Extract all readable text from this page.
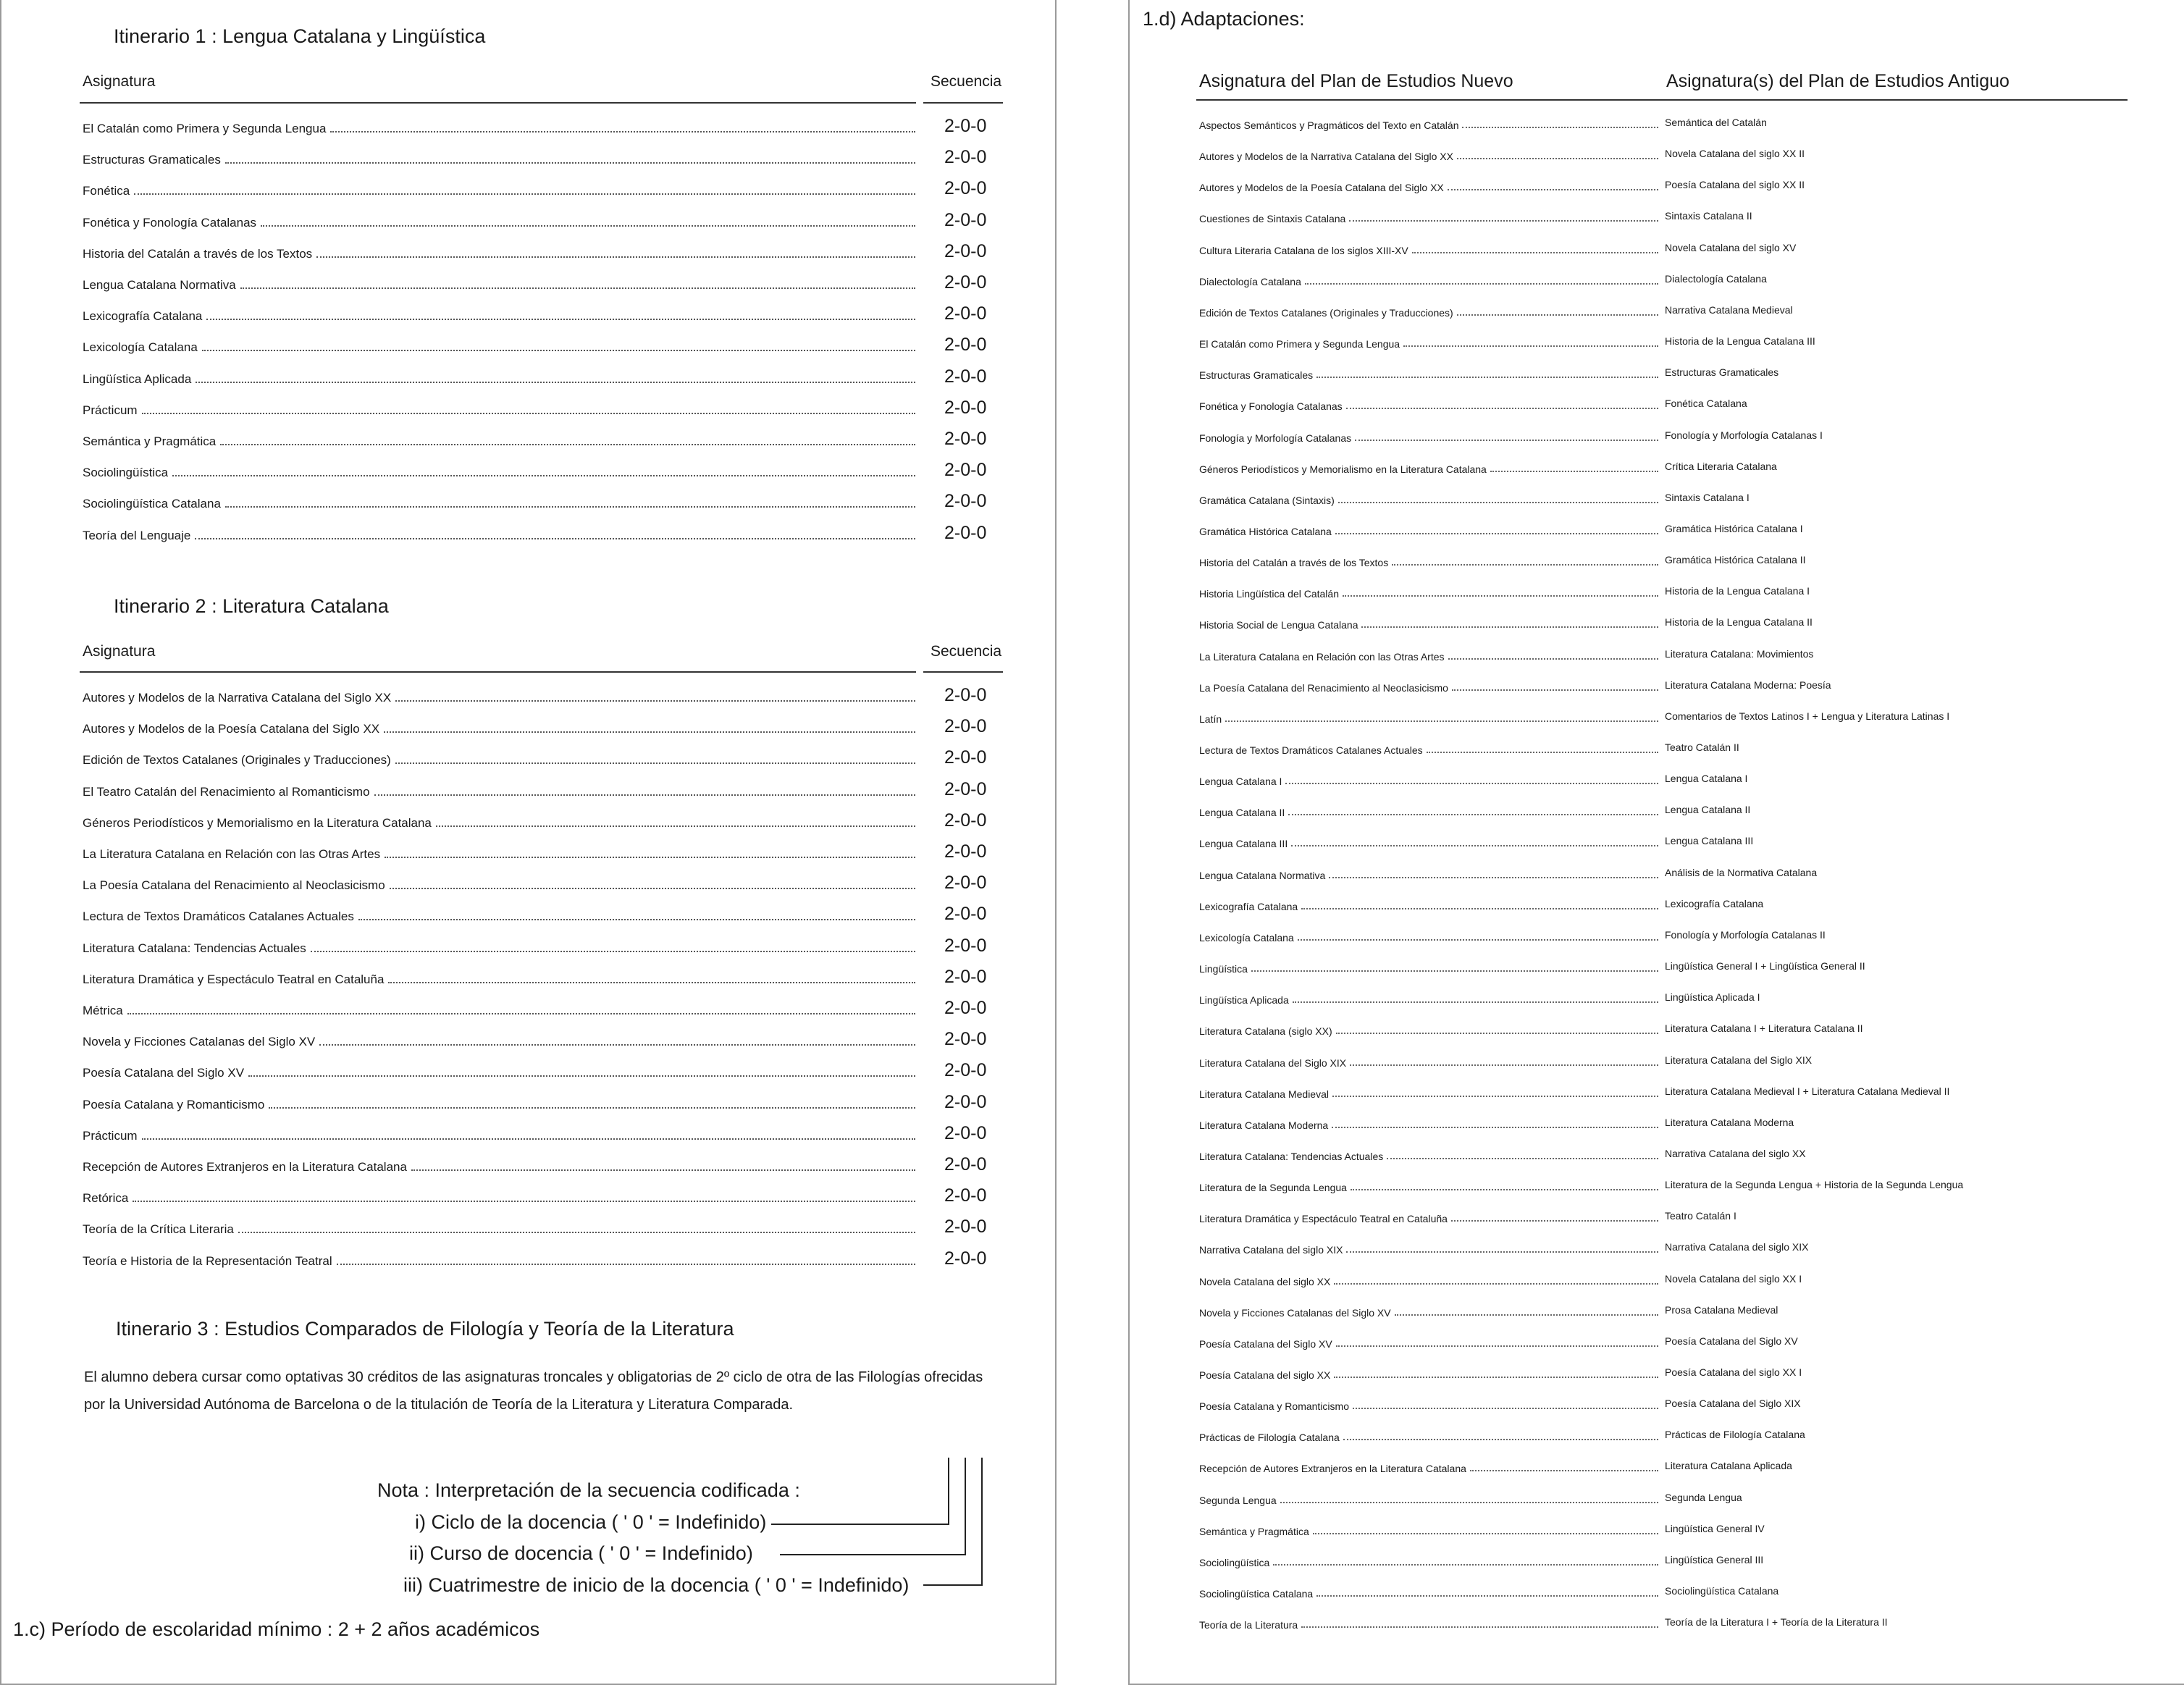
Itinerario 1 : Lengua Catalana y Lingüística
Asignatura	Secuencia
El Catalán como Primera y Segunda Lengua	2-0-0
Estructuras Gramaticales	2-0-0
Fonética	2-0-0
Fonética y Fonología Catalanas	2-0-0
Historia del Catalán a través de los Textos	2-0-0
Lengua Catalana Normativa	2-0-0
Lexicografía Catalana	2-0-0
Lexicología Catalana	2-0-0
Lingüística Aplicada	2-0-0
Prácticum	2-0-0
Semántica y Pragmática	2-0-0
Sociolingüística	2-0-0
Sociolingüística Catalana	2-0-0
Teoría del Lenguaje	2-0-0
Itinerario 2 : Literatura Catalana
Asignatura	Secuencia
Autores y Modelos de la Narrativa Catalana del Siglo XX	2-0-0
Autores y Modelos de la Poesía Catalana del Siglo XX	2-0-0
Edición de Textos Catalanes (Originales y Traducciones)	2-0-0
El Teatro Catalán del Renacimiento al Romanticismo	2-0-0
Géneros Periodísticos y Memorialismo en la Literatura Catalana	2-0-0
La Literatura Catalana en Relación con las Otras Artes	2-0-0
La Poesía Catalana del Renacimiento al Neoclasicismo	2-0-0
Lectura de Textos Dramáticos Catalanes Actuales	2-0-0
Literatura Catalana: Tendencias Actuales	2-0-0
Literatura Dramática y Espectáculo Teatral en Cataluña	2-0-0
Métrica	2-0-0
Novela y Ficciones Catalanas del Siglo XV	2-0-0
Poesía Catalana del Siglo XV	2-0-0
Poesía Catalana y Romanticismo	2-0-0
Prácticum	2-0-0
Recepción de Autores Extranjeros en la Literatura Catalana	2-0-0
Retórica	2-0-0
Teoría de la Crítica Literaria	2-0-0
Teoría e Historia de la Representación Teatral	2-0-0
Itinerario 3 : Estudios Comparados de Filología y Teoría de la Literatura
El alumno debera cursar como optativas 30 créditos de las asignaturas troncales y obligatorias de 2º ciclo de otra de las Filologías ofrecidas
por la Universidad Autónoma de Barcelona o de la titulación de Teoría de la Literatura y Literatura Comparada.
Nota : Interpretación de la secuencia codificada :
i) Ciclo de la docencia ( ' 0 ' = Indefinido)
ii) Curso de docencia ( ' 0 ' = Indefinido)
iii) Cuatrimestre de inicio de la docencia ( ' 0 ' = Indefinido)
1.c) Período de escolaridad mínimo : 2 + 2 años académicos
1.d) Adaptaciones:
Asignatura del Plan de Estudios Nuevo	Asignatura(s) del Plan de Estudios Antiguo
Aspectos Semánticos y Pragmáticos del Texto en Catalán	Semántica del Catalán
Autores y Modelos de la Narrativa Catalana del Siglo XX	Novela Catalana del siglo XX II
Autores y Modelos de la Poesía Catalana del Siglo XX	Poesía Catalana del siglo XX II
Cuestiones de Sintaxis Catalana	Sintaxis Catalana II
Cultura Literaria Catalana de los siglos XIII-XV	Novela Catalana del siglo XV
Dialectología Catalana	Dialectología Catalana
Edición de Textos Catalanes (Originales y Traducciones)	Narrativa Catalana Medieval
El Catalán como Primera y Segunda Lengua	Historia de la Lengua Catalana III
Estructuras Gramaticales	Estructuras Gramaticales
Fonética y Fonología Catalanas	Fonética Catalana
Fonología y Morfología Catalanas	Fonología y Morfología Catalanas I
Géneros Periodísticos y Memorialismo en la Literatura Catalana	Crítica Literaria Catalana
Gramática Catalana (Sintaxis)	Sintaxis Catalana I
Gramática Histórica Catalana	Gramática Histórica Catalana I
Historia del Catalán a través de los Textos	Gramática Histórica Catalana II
Historia Lingüística del Catalán	Historia de la Lengua Catalana I
Historia Social de Lengua Catalana	Historia de la Lengua Catalana II
La Literatura Catalana en Relación con las Otras Artes	Literatura Catalana: Movimientos
La Poesía Catalana del Renacimiento al Neoclasicismo	Literatura Catalana Moderna: Poesía
Latín	Comentarios de Textos Latinos I + Lengua y Literatura Latinas I
Lectura de Textos Dramáticos Catalanes Actuales	Teatro Catalán II
Lengua Catalana I	Lengua Catalana I
Lengua Catalana II	Lengua Catalana II
Lengua Catalana III	Lengua Catalana III
Lengua Catalana Normativa	Análisis de la Normativa Catalana
Lexicografía Catalana	Lexicografía Catalana
Lexicología Catalana	Fonología y Morfología Catalanas II
Lingüística	Lingüística General I + Lingüística General II
Lingüística Aplicada	Lingüística Aplicada I
Literatura Catalana (siglo XX)	Literatura Catalana I + Literatura Catalana II
Literatura Catalana del Siglo XIX	Literatura Catalana del Siglo XIX
Literatura Catalana Medieval	Literatura Catalana Medieval I + Literatura Catalana Medieval II
Literatura Catalana Moderna	Literatura Catalana Moderna
Literatura Catalana: Tendencias Actuales	Narrativa Catalana del siglo XX
Literatura de la Segunda Lengua	Literatura de la Segunda Lengua + Historia de la Segunda Lengua
Literatura Dramática y Espectáculo Teatral en Cataluña	Teatro Catalán I
Narrativa Catalana del siglo XIX	Narrativa Catalana del siglo XIX
Novela Catalana del siglo XX	Novela Catalana del siglo XX I
Novela y Ficciones Catalanas del Siglo XV	Prosa Catalana Medieval
Poesía Catalana del Siglo XV	Poesía Catalana del Siglo XV
Poesía Catalana del siglo XX	Poesía Catalana del siglo XX I
Poesía Catalana y Romanticismo	Poesía Catalana del Siglo XIX
Prácticas de Filología Catalana	Prácticas de Filología Catalana
Recepción de Autores Extranjeros en la Literatura Catalana	Literatura Catalana Aplicada
Segunda Lengua	Segunda Lengua
Semántica y Pragmática	Lingüística General IV
Sociolingüística	Lingüística General III
Sociolingüística Catalana	Sociolingüística Catalana
Teoría de la Literatura	Teoría de la Literatura I + Teoría de la Literatura II
